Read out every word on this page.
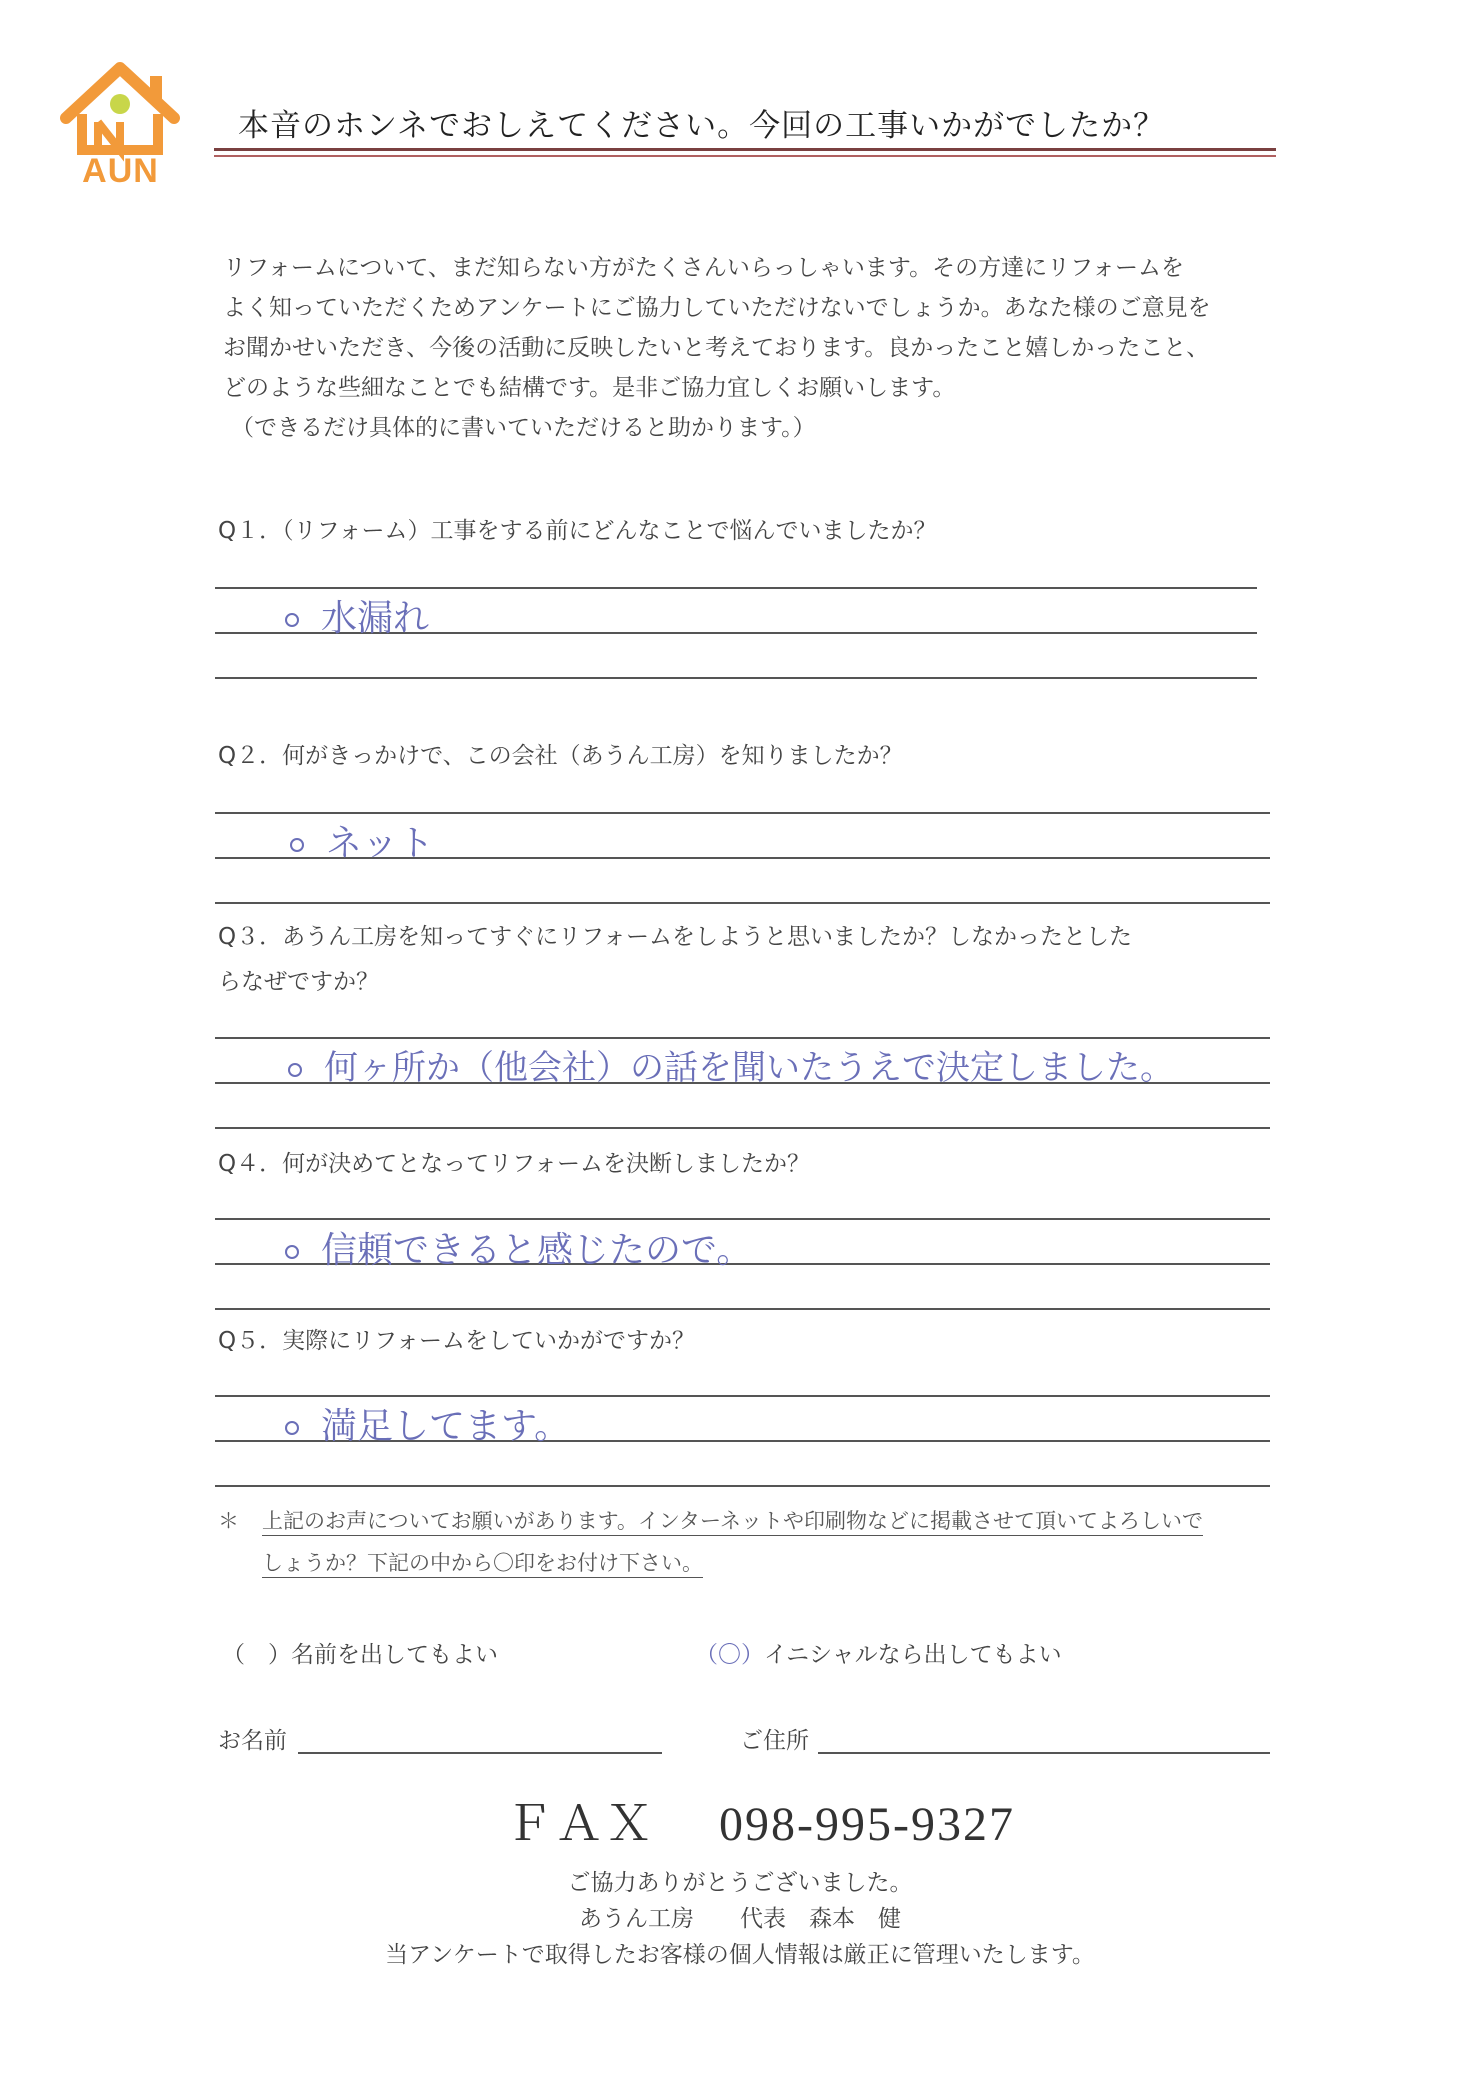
AUN
本音のホンネでおしえてください。今回の工事いかがでしたか？
リフォームについて、まだ知らない方がたくさんいらっしゃいます。その方達にリフォームを
よく知っていただくためアンケートにご協力していただけないでしょうか。あなた様のご意見を
お聞かせいただき、今後の活動に反映したいと考えております。良かったこと嬉しかったこと、
どのような些細なことでも結構です。是非ご協力宜しくお願いします。
（できるだけ具体的に書いていただけると助かります。）
Q１．（リフォーム）工事をする前にどんなことで悩んでいましたか？
水漏れ
Q２．何がきっかけで、この会社（あうん工房）を知りましたか？
ネット
Q３．あうん工房を知ってすぐにリフォームをしようと思いましたか？しなかったとした
らなぜですか？
何ヶ所か（他会社）の話を聞いたうえで決定しました。
Q４．何が決めてとなってリフォームを決断しましたか？
信頼できると感じたので。
Q５．実際にリフォームをしていかがですか？
満足してます。
＊ 上記のお声についてお願いがあります。インターネットや印刷物などに掲載させて頂いてよろしいで
しょうか？下記の中から〇印をお付け下さい。
（　）名前を出してもよい	（〇）イニシャルなら出してもよい
お名前	ご住所
ＦＡＸ 098-995-9327
ご協力ありがとうございました。
あうん工房　　代表　森本　健
当アンケートで取得したお客様の個人情報は厳正に管理いたします。
